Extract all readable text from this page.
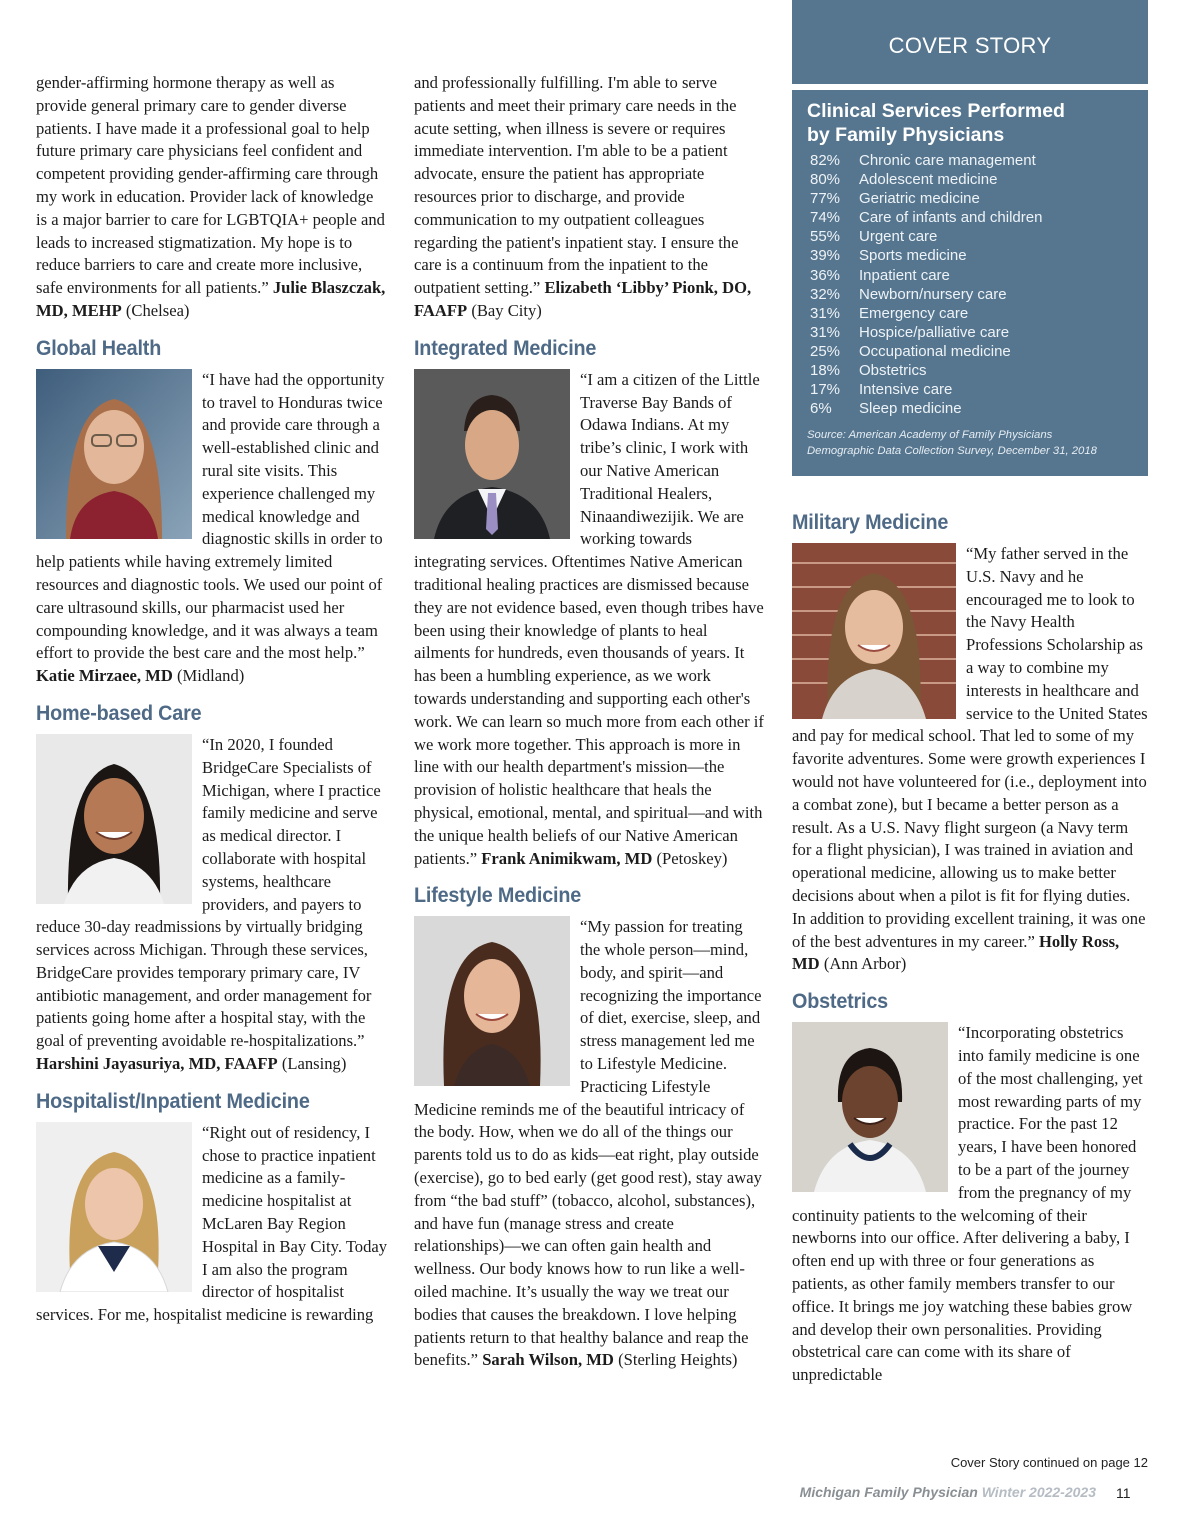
COVER STORY
Clinical Services Performed
by Family Physicians
82%	Chronic care management
80%	Adolescent medicine
77%	Geriatric medicine
74%	Care of infants and children
55%	Urgent care
39%	Sports medicine
36%	Inpatient care
32%	Newborn/nursery care
31%	Emergency care
31%	Hospice/palliative care
25%	Occupational medicine
18%	Obstetrics
17%	Intensive care
6%	Sleep medicine
Source: American Academy of Family Physicians
Demographic Data Collection Survey, December 31, 2018

gender-affirming hormone therapy as well as provide general primary care to gender diverse patients. I have made it a professional goal to help future primary care physicians feel confident and competent providing gender-affirming care through my work in education. Provider lack of knowledge is a major barrier to care for LGBTQIA+ people and leads to increased stigmatization. My hope is to reduce barriers to care and create more inclusive, safe environments for all patients.” Julie Blaszczak, MD, MEHP (Chelsea)

Global Health

“I have had the opportunity to travel to Honduras twice and provide care through a well-established clinic and rural site visits. This experience challenged my medical knowledge and diagnostic skills in order to help patients while having extremely limited resources and diagnostic tools. We used our point of care ultrasound skills, our pharmacist used her compounding knowledge, and it was always a team effort to provide the best care and the most help.” Katie Mirzaee, MD (Midland)

Home-based Care

“In 2020, I founded BridgeCare Specialists of Michigan, where I practice family medicine and serve as medical director. I collaborate with hospital systems, healthcare providers, and payers to reduce 30-day readmissions by virtually bridging services across Michigan. Through these services, BridgeCare provides temporary primary care, IV antibiotic management, and order management for patients going home after a hospital stay, with the goal of preventing avoidable re-hospitalizations.” Harshini Jayasuriya, MD, FAAFP (Lansing)

Hospitalist/Inpatient Medicine

“Right out of residency, I chose to practice inpatient medicine as a family-medicine hospitalist at McLaren Bay Region Hospital in Bay City. Today I am also the program director of hospitalist services. For me, hospitalist medicine is rewarding

and professionally fulfilling. I'm able to serve patients and meet their primary care needs in the acute setting, when illness is severe or requires immediate intervention. I'm able to be a patient advocate, ensure the patient has appropriate resources prior to discharge, and provide communication to my outpatient colleagues regarding the patient's inpatient stay. I ensure the care is a continuum from the inpatient to the outpatient setting.” Elizabeth ‘Libby’ Pionk, DO, FAAFP (Bay City)

Integrated Medicine

“I am a citizen of the Little Traverse Bay Bands of Odawa Indians. At my tribe’s clinic, I work with our Native American Traditional Healers, Ninaandiwezijik. We are working towards integrating services. Oftentimes Native American traditional healing practices are dismissed because they are not evidence based, even though tribes have been using their knowledge of plants to heal ailments for hundreds, even thousands of years. It has been a humbling experience, as we work towards understanding and supporting each other's work. We can learn so much more from each other if we work more together. This approach is more in line with our health department's mission—the provision of holistic healthcare that heals the physical, emotional, mental, and spiritual—and with the unique health beliefs of our Native American patients.” Frank Animikwam, MD (Petoskey)

Lifestyle Medicine

“My passion for treating the whole person—mind, body, and spirit—and recognizing the importance of diet, exercise, sleep, and stress management led me to Lifestyle Medicine. Practicing Lifestyle Medicine reminds me of the beautiful intricacy of the body. How, when we do all of the things our parents told us to do as kids—eat right, play outside (exercise), go to bed early (get good rest), stay away from “the bad stuff” (tobacco, alcohol, substances), and have fun (manage stress and create relationships)—we can often gain health and wellness. Our body knows how to run like a well-oiled machine. It’s usually the way we treat our bodies that causes the breakdown. I love helping patients return to that healthy balance and reap the benefits.” Sarah Wilson, MD (Sterling Heights)

Military Medicine

“My father served in the U.S. Navy and he encouraged me to look to the Navy Health Professions Scholarship as a way to combine my interests in healthcare and service to the United States and pay for medical school. That led to some of my favorite adventures. Some were growth experiences I would not have volunteered for (i.e., deployment into a combat zone), but I became a better person as a result. As a U.S. Navy flight surgeon (a Navy term for a flight physician), I was trained in aviation and operational medicine, allowing us to make better decisions about when a pilot is fit for flying duties. In addition to providing excellent training, it was one of the best adventures in my career.” Holly Ross, MD (Ann Arbor)

Obstetrics

“Incorporating obstetrics into family medicine is one of the most challenging, yet most rewarding parts of my practice. For the past 12 years, I have been honored to be a part of the journey from the pregnancy of my continuity patients to the welcoming of their newborns into our office. After delivering a baby, I often end up with three or four generations as patients, as other family members transfer to our office. It brings me joy watching these babies grow and develop their own personalities. Providing obstetrical care can come with its share of unpredictable

Cover Story continued on page 12
Michigan Family Physician Winter 2022-2023 11
